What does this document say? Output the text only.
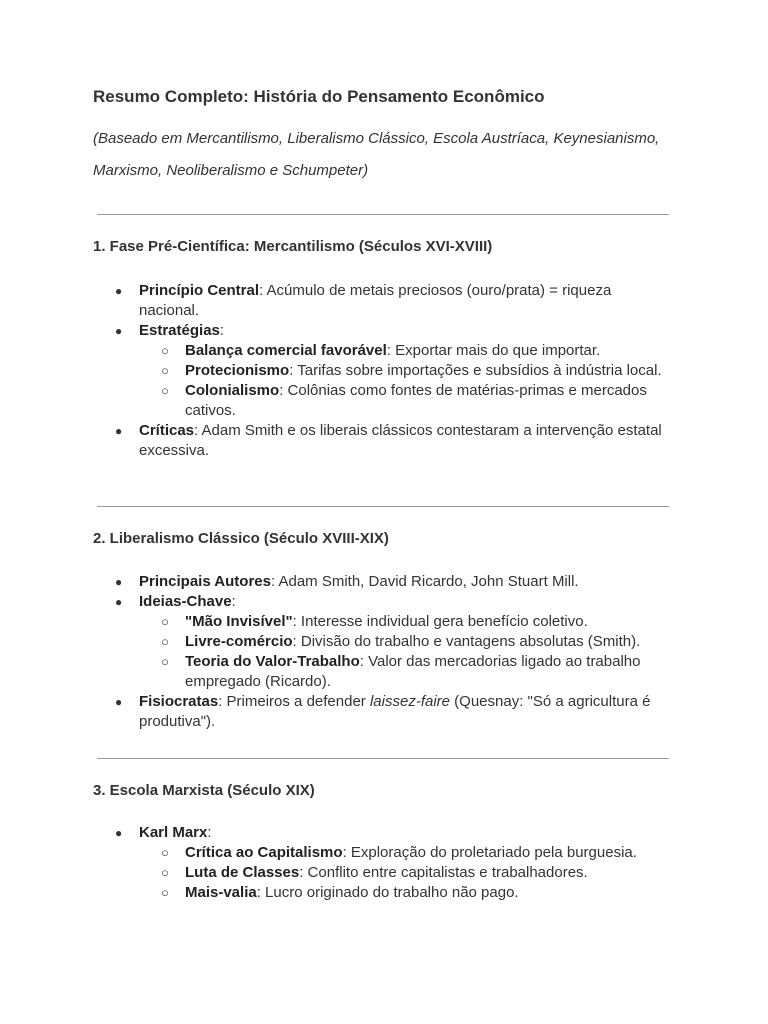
Resumo Completo: História do Pensamento Econômico

(Baseado em Mercantilismo, Liberalismo Clássico, Escola Austríaca, Keynesianismo, Marxismo, Neoliberalismo e Schumpeter)

1. Fase Pré-Científica: Mercantilismo (Séculos XVI-XVIII)
● Princípio Central: Acúmulo de metais preciosos (ouro/prata) = riqueza nacional.
● Estratégias:
○ Balança comercial favorável: Exportar mais do que importar.
○ Protecionismo: Tarifas sobre importações e subsídios à indústria local.
○ Colonialismo: Colônias como fontes de matérias-primas e mercados cativos.
● Críticas: Adam Smith e os liberais clássicos contestaram a intervenção estatal excessiva.
2. Liberalismo Clássico (Século XVIII-XIX)
● Principais Autores: Adam Smith, David Ricardo, John Stuart Mill.
● Ideias-Chave:
○ "Mão Invisível": Interesse individual gera benefício coletivo.
○ Livre-comércio: Divisão do trabalho e vantagens absolutas (Smith).
○ Teoria do Valor-Trabalho: Valor das mercadorias ligado ao trabalho empregado (Ricardo).
● Fisiocratas: Primeiros a defender laissez-faire (Quesnay: "Só a agricultura é produtiva").
3. Escola Marxista (Século XIX)
● Karl Marx:
○ Crítica ao Capitalismo: Exploração do proletariado pela burguesia.
○ Luta de Classes: Conflito entre capitalistas e trabalhadores.
○ Mais-valia: Lucro originado do trabalho não pago.
